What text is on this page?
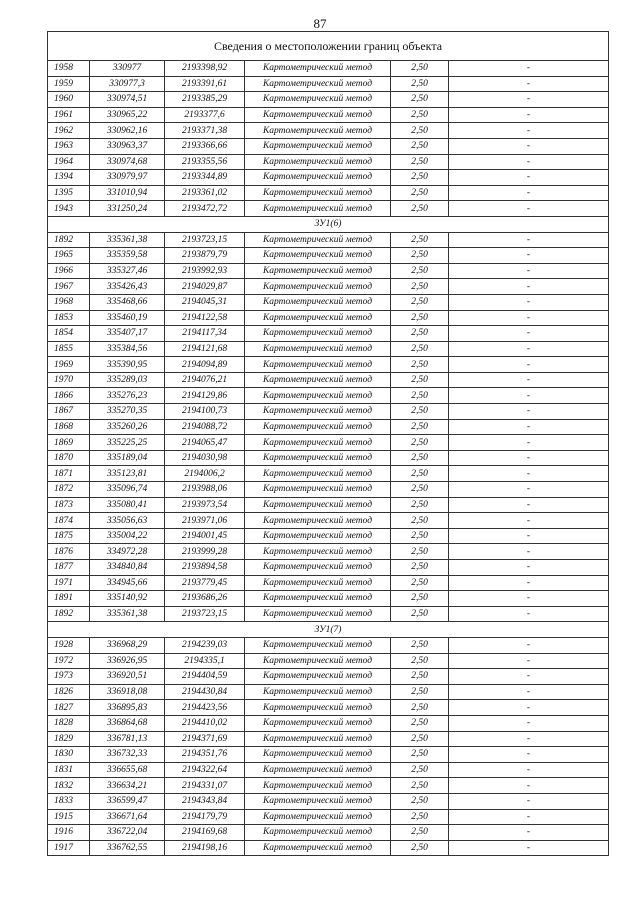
87
Сведения о местоположении границ объекта					
1958	330977	2193398,92	Картометрический метод	2,50	-
1959	330977,3	2193391,61	Картометрический метод	2,50	-
1960	330974,51	2193385,29	Картометрический метод	2,50	-
1961	330965,22	2193377,6	Картометрический метод	2,50	-
1962	330962,16	2193371,38	Картометрический метод	2,50	-
1963	330963,37	2193366,66	Картометрический метод	2,50	-
1964	330974,68	2193355,56	Картометрический метод	2,50	-
1394	330979,97	2193344,89	Картометрический метод	2,50	-
1395	331010,94	2193361,02	Картометрический метод	2,50	-
1943	331250,24	2193472,72	Картометрический метод	2,50	-
ЗУ1(6)					
1892	335361,38	2193723,15	Картометрический метод	2,50	-
1965	335359,58	2193879,79	Картометрический метод	2,50	-
1966	335327,46	2193992,93	Картометрический метод	2,50	-
1967	335426,43	2194029,87	Картометрический метод	2,50	-
1968	335468,66	2194045,31	Картометрический метод	2,50	-
1853	335460,19	2194122,58	Картометрический метод	2,50	-
1854	335407,17	2194117,34	Картометрический метод	2,50	-
1855	335384,56	2194121,68	Картометрический метод	2,50	-
1969	335390,95	2194094,89	Картометрический метод	2,50	-
1970	335289,03	2194076,21	Картометрический метод	2,50	-
1866	335276,23	2194129,86	Картометрический метод	2,50	-
1867	335270,35	2194100,73	Картометрический метод	2,50	-
1868	335260,26	2194088,72	Картометрический метод	2,50	-
1869	335225,25	2194065,47	Картометрический метод	2,50	-
1870	335189,04	2194030,98	Картометрический метод	2,50	-
1871	335123,81	2194006,2	Картометрический метод	2,50	-
1872	335096,74	2193988,06	Картометрический метод	2,50	-
1873	335080,41	2193973,54	Картометрический метод	2,50	-
1874	335056,63	2193971,06	Картометрический метод	2,50	-
1875	335004,22	2194001,45	Картометрический метод	2,50	-
1876	334972,28	2193999,28	Картометрический метод	2,50	-
1877	334840,84	2193894,58	Картометрический метод	2,50	-
1971	334945,66	2193779,45	Картометрический метод	2,50	-
1891	335140,92	2193686,26	Картометрический метод	2,50	-
1892	335361,38	2193723,15	Картометрический метод	2,50	-
ЗУ1(7)					
1928	336968,29	2194239,03	Картометрический метод	2,50	-
1972	336926,95	2194335,1	Картометрический метод	2,50	-
1973	336920,51	2194404,59	Картометрический метод	2,50	-
1826	336918,08	2194430,84	Картометрический метод	2,50	-
1827	336895,83	2194423,56	Картометрический метод	2,50	-
1828	336864,68	2194410,02	Картометрический метод	2,50	-
1829	336781,13	2194371,69	Картометрический метод	2,50	-
1830	336732,33	2194351,76	Картометрический метод	2,50	-
1831	336655,68	2194322,64	Картометрический метод	2,50	-
1832	336634,21	2194331,07	Картометрический метод	2,50	-
1833	336599,47	2194343,84	Картометрический метод	2,50	-
1915	336671,64	2194179,79	Картометрический метод	2,50	-
1916	336722,04	2194169,68	Картометрический метод	2,50	-
1917	336762,55	2194198,16	Картометрический метод	2,50	-
